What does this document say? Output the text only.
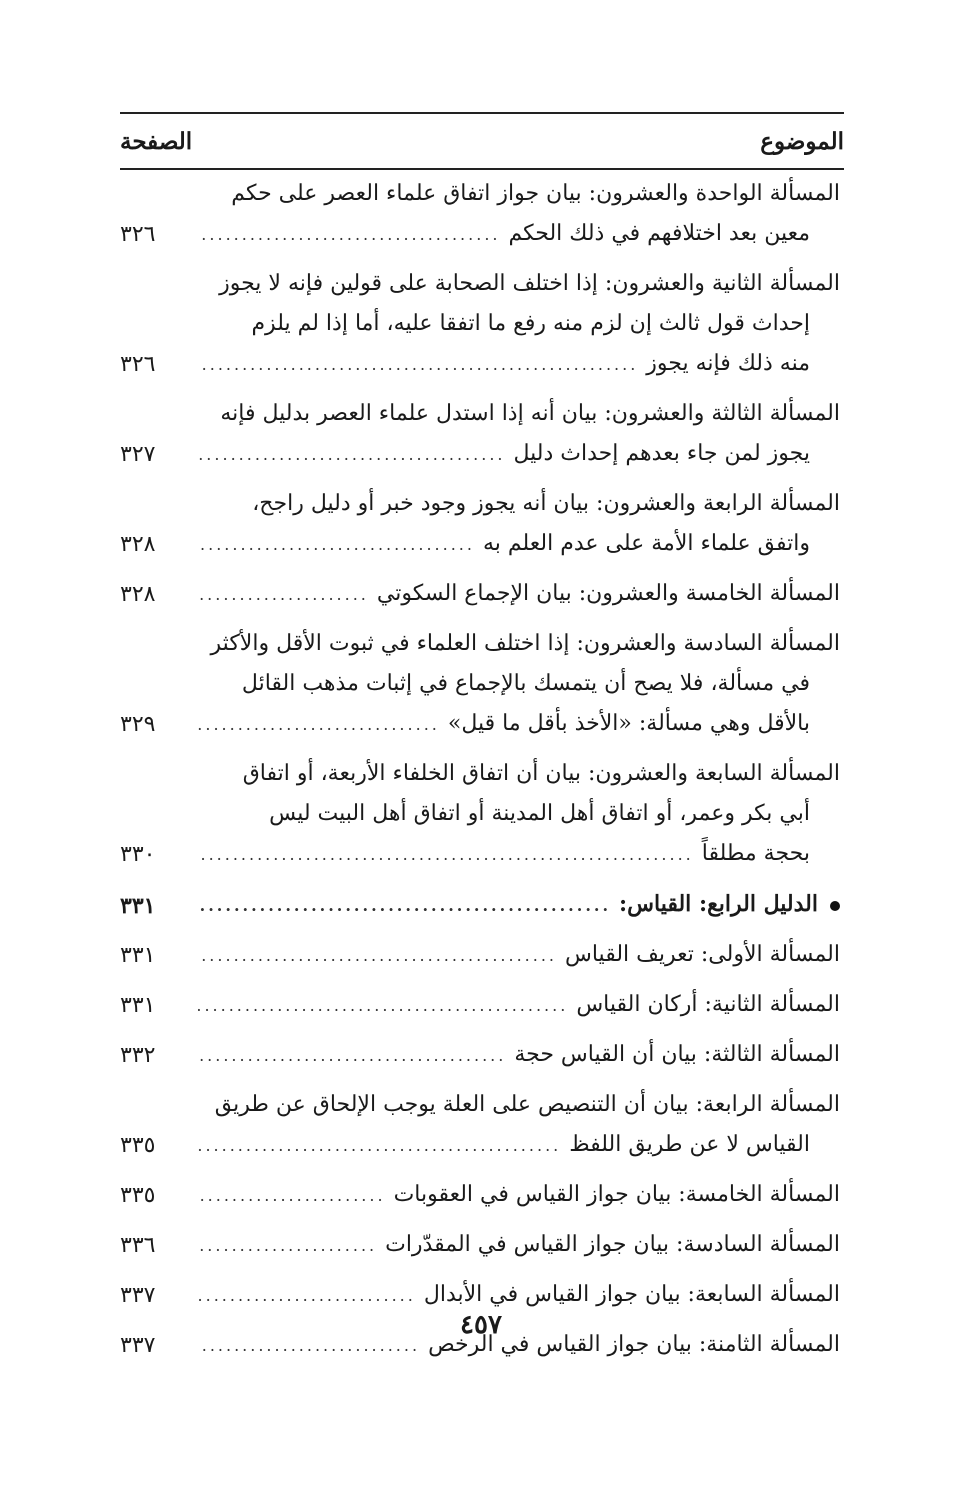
الموضوع
الصفحة
المسألة الواحدة والعشرون: بيان جواز اتفاق علماء العصر على حكم
معين بعد اختلافهم في ذلك الحكم
.....
٣٢٦
المسألة الثانية والعشرون: إذا اختلف الصحابة على قولين فإنه لا يجوز
إحداث قول ثالث إن لزم منه رفع ما اتفقا عليه، أما إذا لم يلزم
منه ذلك فإنه يجوز
.....
٣٢٦
المسألة الثالثة والعشرون: بيان أنه إذا استدل علماء العصر بدليل فإنه
يجوز لمن جاء بعدهم إحداث دليل
.....
٣٢٧
المسألة الرابعة والعشرون: بيان أنه يجوز وجود خبر أو دليل راجح،
واتفق علماء الأمة على عدم العلم به
.....
٣٢٨
المسألة الخامسة والعشرون: بيان الإجماع السكوتي
.....
٣٢٨
المسألة السادسة والعشرون: إذا اختلف العلماء في ثبوت الأقل والأكثر
في مسألة، فلا يصح أن يتمسك بالإجماع في إثبات مذهب القائل
بالأقل وهي مسألة: «الأخذ بأقل ما قيل»
.....
٣٢٩
المسألة السابعة والعشرون: بيان أن اتفاق الخلفاء الأربعة، أو اتفاق
أبي بكر وعمر، أو اتفاق أهل المدينة أو اتفاق أهل البيت ليس
بحجة مطلقاً
.....
٣٣٠
الدليل الرابع: القياس:
.....
٣٣١
المسألة الأولى: تعريف القياس
.....
٣٣١
المسألة الثانية: أركان القياس
.....
٣٣١
المسألة الثالثة: بيان أن القياس حجة
.....
٣٣٢
المسألة الرابعة: بيان أن التنصيص على العلة يوجب الإلحاق عن طريق
القياس لا عن طريق اللفظ
.....
٣٣٥
المسألة الخامسة: بيان جواز القياس في العقوبات
.....
٣٣٥
المسألة السادسة: بيان جواز القياس في المقدّرات
.....
٣٣٦
المسألة السابعة: بيان جواز القياس في الأبدال
.....
٣٣٧
المسألة الثامنة: بيان جواز القياس في الرخص
.....
٣٣٧
٤٥٧
